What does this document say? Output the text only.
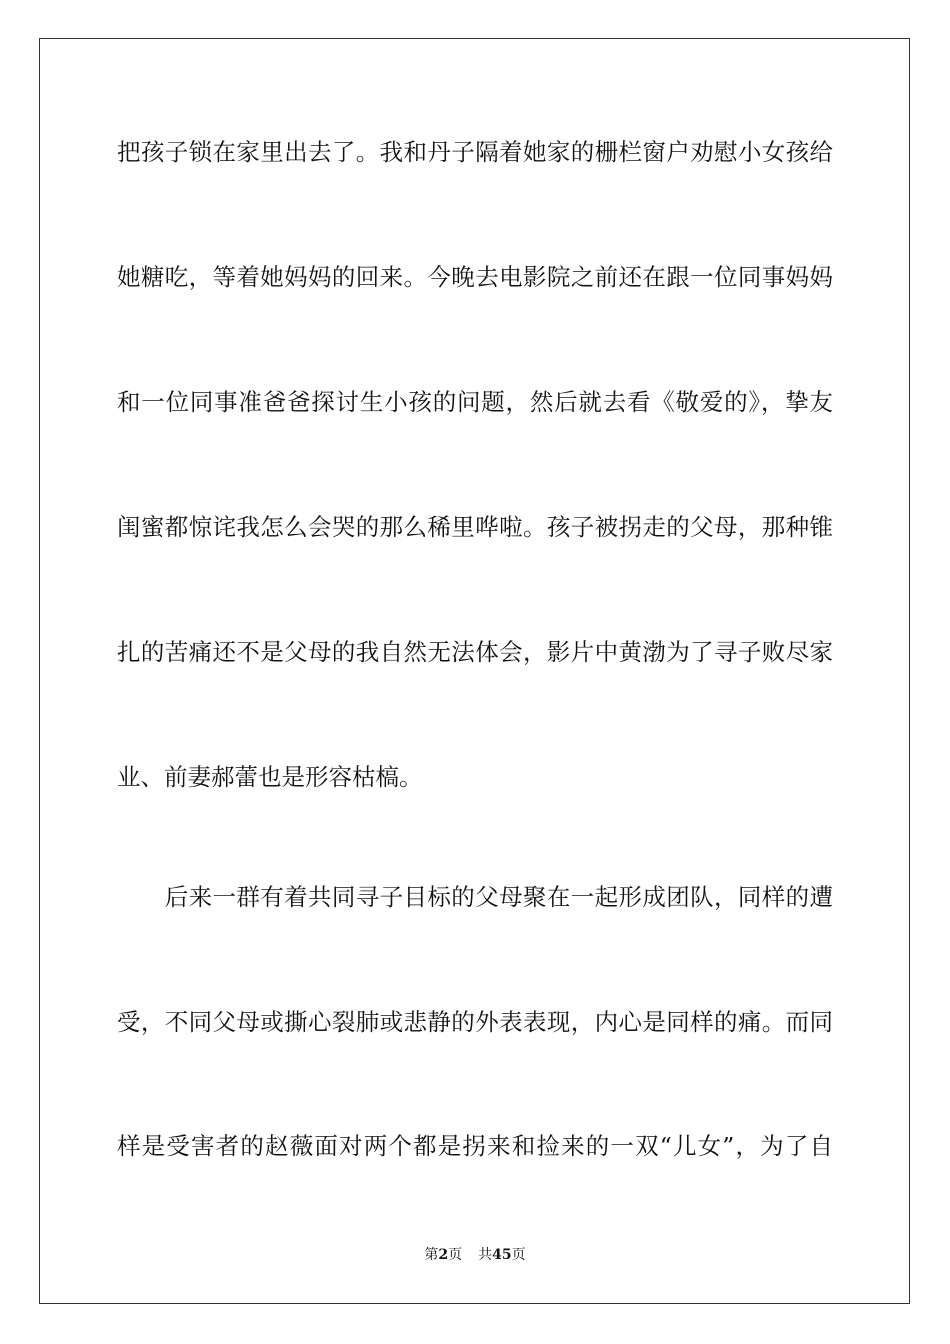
把孩子锁在家里出去了。我和丹子隔着她家的栅栏窗户劝慰小女孩给
她糖吃，等着她妈妈的回来。今晚去电影院之前还在跟一位同事妈妈
和一位同事准爸爸探讨生小孩的问题，然后就去看《敬爱的》，挚友
闺蜜都惊诧我怎么会哭的那么稀里哗啦。孩子被拐走的父母，那种锥
扎的苦痛还不是父母的我自然无法体会，影片中黄渤为了寻子败尽家
业、前妻郝蕾也是形容枯槁。
　　后来一群有着共同寻子目标的父母聚在一起形成团队，同样的遭
受，不同父母或撕心裂肺或悲静的外表表现，内心是同样的痛。而同
样是受害者的赵薇面对两个都是拐来和捡来的一双“儿女”，为了自
第2页 共45页
